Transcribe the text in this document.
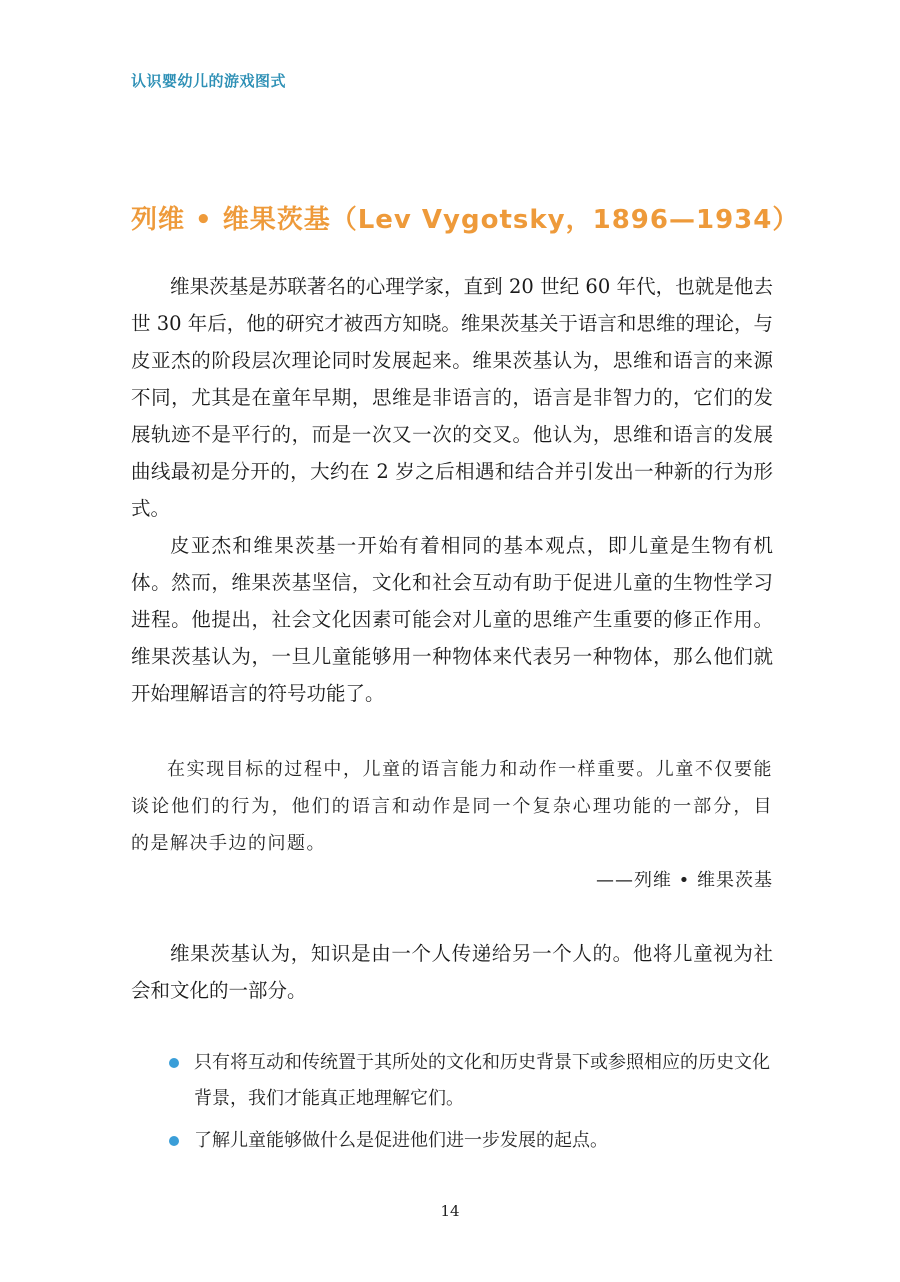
认识婴幼儿的游戏图式
列维 • 维果茨基（Lev Vygotsky，1896—1934）

维果茨基是苏联著名的心理学家，直到 20 世纪 60 年代，也就是他去世 30 年后，他的研究才被西方知晓。维果茨基关于语言和思维的理论，与皮亚杰的阶段层次理论同时发展起来。维果茨基认为，思维和语言的来源不同，尤其是在童年早期，思维是非语言的，语言是非智力的，它们的发展轨迹不是平行的，而是一次又一次的交叉。他认为，思维和语言的发展曲线最初是分开的，大约在 2 岁之后相遇和结合并引发出一种新的行为形式。

皮亚杰和维果茨基一开始有着相同的基本观点，即儿童是生物有机体。然而，维果茨基坚信，文化和社会互动有助于促进儿童的生物性学习进程。他提出，社会文化因素可能会对儿童的思维产生重要的修正作用。维果茨基认为，一旦儿童能够用一种物体来代表另一种物体，那么他们就开始理解语言的符号功能了。

在实现目标的过程中，儿童的语言能力和动作一样重要。儿童不仅要能谈论他们的行为，他们的语言和动作是同一个复杂心理功能的一部分，目的是解决手边的问题。

——列维 • 维果茨基

维果茨基认为，知识是由一个人传递给另一个人的。他将儿童视为社会和文化的一部分。

只有将互动和传统置于其所处的文化和历史背景下或参照相应的历史文化背景，我们才能真正地理解它们。
了解儿童能够做什么是促进他们进一步发展的起点。
14
